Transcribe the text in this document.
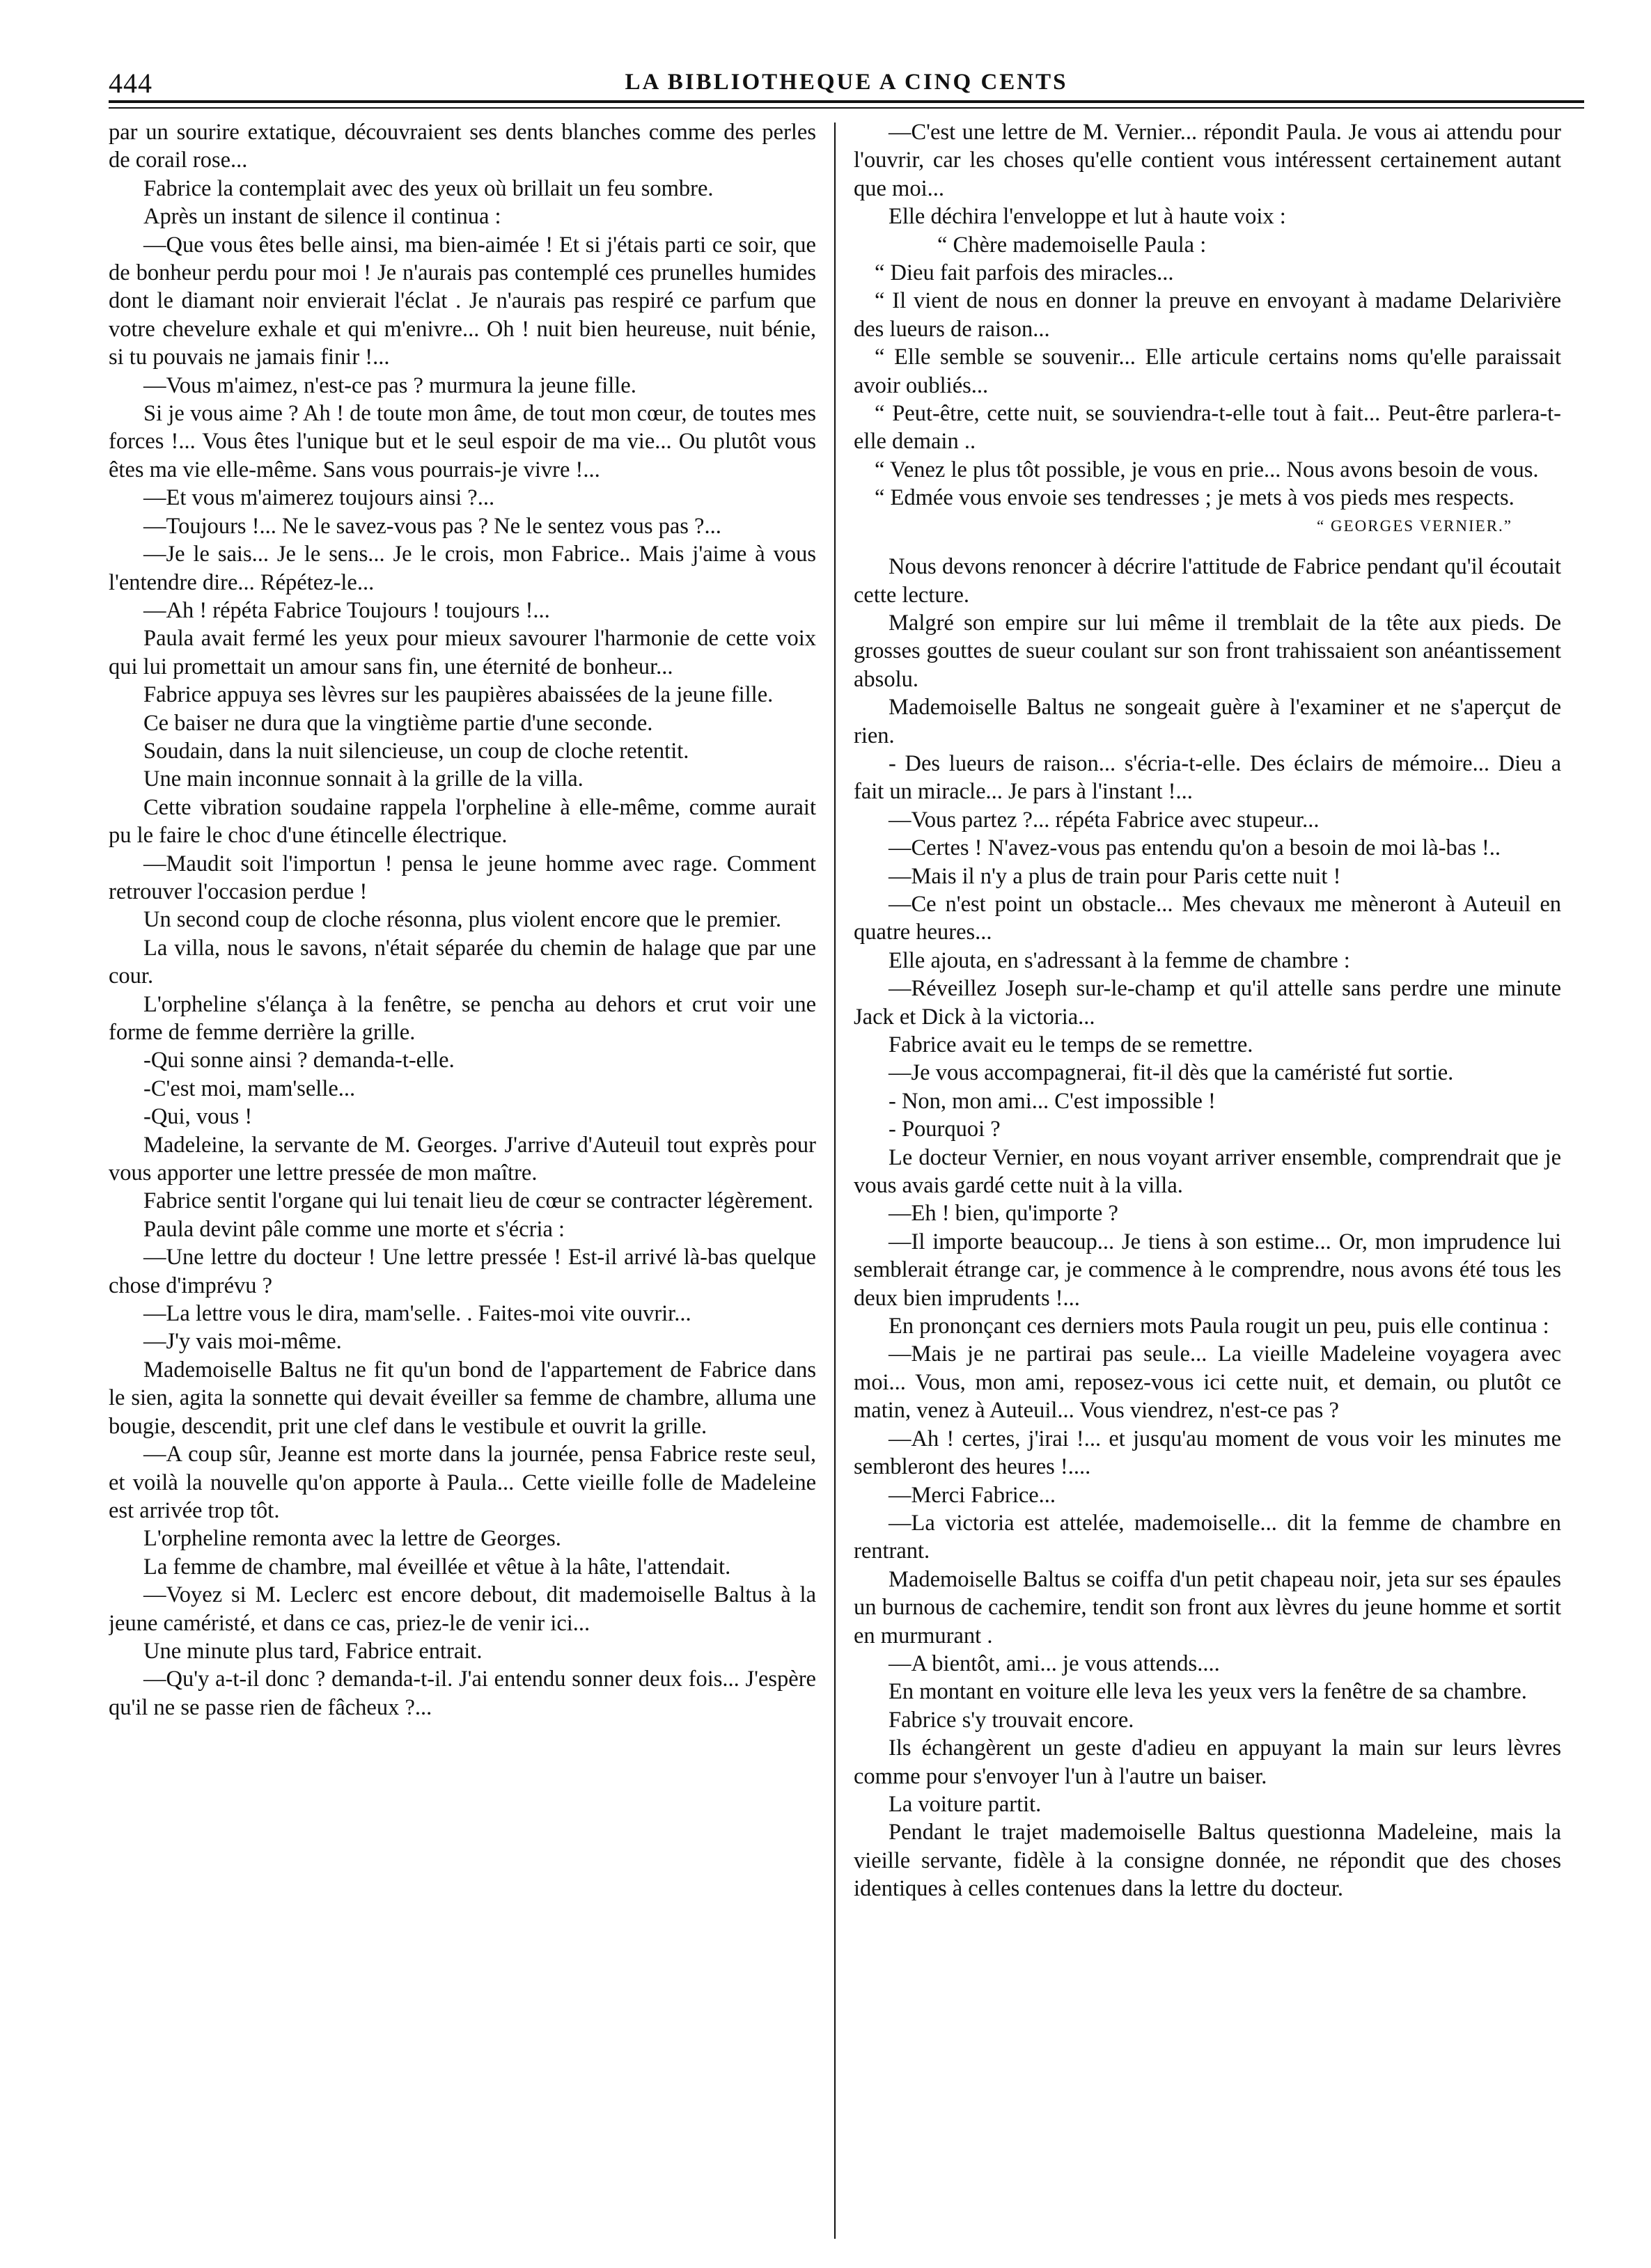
444	LA BIBLIOTHEQUE A CINQ CENTS

par un sourire extatique, découvraient ses dents blanches comme des perles de corail rose...

Fabrice la contemplait avec des yeux où brillait un feu sombre.

Après un instant de silence il continua :

—Que vous êtes belle ainsi, ma bien-aimée ! Et si j'étais parti ce soir, que de bonheur perdu pour moi ! Je n'aurais pas contemplé ces prunelles humides dont le diamant noir envierait l'éclat . Je n'aurais pas respiré ce parfum que votre chevelure exhale et qui m'enivre... Oh ! nuit bien heureuse, nuit bénie, si tu pouvais ne jamais finir !...

—Vous m'aimez, n'est-ce pas ? murmura la jeune fille.

Si je vous aime ? Ah ! de toute mon âme, de tout mon cœur, de toutes mes forces !... Vous êtes l'unique but et le seul espoir de ma vie... Ou plutôt vous êtes ma vie elle-même. Sans vous pourrais-je vivre !...

—Et vous m'aimerez toujours ainsi ?...

—Toujours !... Ne le savez-vous pas ? Ne le sentez vous pas ?...

—Je le sais... Je le sens... Je le crois, mon Fabrice.. Mais j'aime à vous l'entendre dire... Répétez-le...

—Ah ! répéta Fabrice Toujours ! toujours !...

Paula avait fermé les yeux pour mieux savourer l'harmonie de cette voix qui lui promettait un amour sans fin, une éternité de bonheur...

Fabrice appuya ses lèvres sur les paupières abaissées de la jeune fille.

Ce baiser ne dura que la vingtième partie d'une seconde.

Soudain, dans la nuit silencieuse, un coup de cloche retentit.

Une main inconnue sonnait à la grille de la villa.

Cette vibration soudaine rappela l'orpheline à elle-même, comme aurait pu le faire le choc d'une étincelle électrique.

—Maudit soit l'importun ! pensa le jeune homme avec rage. Comment retrouver l'occasion perdue !

Un second coup de cloche résonna, plus violent encore que le premier.

La villa, nous le savons, n'était séparée du chemin de halage que par une cour.

L'orpheline s'élança à la fenêtre, se pencha au dehors et crut voir une forme de femme derrière la grille.

-Qui sonne ainsi ? demanda-t-elle.

-C'est moi, mam'selle...

-Qui, vous !

Madeleine, la servante de M. Georges. J'arrive d'Auteuil tout exprès pour vous apporter une lettre pressée de mon maître.

Fabrice sentit l'organe qui lui tenait lieu de cœur se contracter légèrement.

Paula devint pâle comme une morte et s'écria :

—Une lettre du docteur ! Une lettre pressée ! Est-il arrivé là-bas quelque chose d'imprévu ?

—La lettre vous le dira, mam'selle. . Faites-moi vite ouvrir...

—J'y vais moi-même.

Mademoiselle Baltus ne fit qu'un bond de l'appartement de Fabrice dans le sien, agita la sonnette qui devait éveiller sa femme de chambre, alluma une bougie, descendit, prit une clef dans le vestibule et ouvrit la grille.

—A coup sûr, Jeanne est morte dans la journée, pensa Fabrice reste seul, et voilà la nouvelle qu'on apporte à Paula... Cette vieille folle de Madeleine est arrivée trop tôt.

L'orpheline remonta avec la lettre de Georges.

La femme de chambre, mal éveillée et vêtue à la hâte, l'attendait.

—Voyez si M. Leclerc est encore debout, dit mademoiselle Baltus à la jeune caméristé, et dans ce cas, priez-le de venir ici...

Une minute plus tard, Fabrice entrait.

—Qu'y a-t-il donc ? demanda-t-il. J'ai entendu sonner deux fois... J'espère qu'il ne se passe rien de fâcheux ?...

—C'est une lettre de M. Vernier... répondit Paula. Je vous ai attendu pour l'ouvrir, car les choses qu'elle contient vous intéressent certainement autant que moi...

Elle déchira l'enveloppe et lut à haute voix :

“ Chère mademoiselle Paula :

“ Dieu fait parfois des miracles...

“ Il vient de nous en donner la preuve en envoyant à madame Delarivière des lueurs de raison...

“ Elle semble se souvenir... Elle articule certains noms qu'elle paraissait avoir oubliés...

“ Peut-être, cette nuit, se souviendra-t-elle tout à fait... Peut-être parlera-t-elle demain ..

“ Venez le plus tôt possible, je vous en prie... Nous avons besoin de vous.

“ Edmée vous envoie ses tendresses ; je mets à vos pieds mes respects.

“ GEORGES VERNIER.”

Nous devons renoncer à décrire l'attitude de Fabrice pendant qu'il écoutait cette lecture.

Malgré son empire sur lui même il tremblait de la tête aux pieds. De grosses gouttes de sueur coulant sur son front trahissaient son anéantissement absolu.

Mademoiselle Baltus ne songeait guère à l'examiner et ne s'aperçut de rien.

- Des lueurs de raison... s'écria-t-elle. Des éclairs de mémoire... Dieu a fait un miracle... Je pars à l'instant !...

—Vous partez ?... répéta Fabrice avec stupeur...

—Certes ! N'avez-vous pas entendu qu'on a besoin de moi là-bas !..

—Mais il n'y a plus de train pour Paris cette nuit !

—Ce n'est point un obstacle... Mes chevaux me mèneront à Auteuil en quatre heures...

Elle ajouta, en s'adressant à la femme de chambre :

—Réveillez Joseph sur-le-champ et qu'il attelle sans perdre une minute Jack et Dick à la victoria...

Fabrice avait eu le temps de se remettre.

—Je vous accompagnerai, fit-il dès que la caméristé fut sortie.

- Non, mon ami... C'est impossible !

- Pourquoi ?

Le docteur Vernier, en nous voyant arriver ensemble, comprendrait que je vous avais gardé cette nuit à la villa.

—Eh ! bien, qu'importe ?

—Il importe beaucoup... Je tiens à son estime... Or, mon imprudence lui semblerait étrange car, je commence à le comprendre, nous avons été tous les deux bien imprudents !...

En prononçant ces derniers mots Paula rougit un peu, puis elle continua :

—Mais je ne partirai pas seule... La vieille Madeleine voyagera avec moi... Vous, mon ami, reposez-vous ici cette nuit, et demain, ou plutôt ce matin, venez à Auteuil... Vous viendrez, n'est-ce pas ?

—Ah ! certes, j'irai !... et jusqu'au moment de vous voir les minutes me sembleront des heures !....

—Merci Fabrice...

—La victoria est attelée, mademoiselle... dit la femme de chambre en rentrant.

Mademoiselle Baltus se coiffa d'un petit chapeau noir, jeta sur ses épaules un burnous de cachemire, tendit son front aux lèvres du jeune homme et sortit en murmurant .

—A bientôt, ami... je vous attends....

En montant en voiture elle leva les yeux vers la fenêtre de sa chambre.

Fabrice s'y trouvait encore.

Ils échangèrent un geste d'adieu en appuyant la main sur leurs lèvres comme pour s'envoyer l'un à l'autre un baiser.

La voiture partit.

Pendant le trajet mademoiselle Baltus questionna Madeleine, mais la vieille servante, fidèle à la consigne donnée, ne répondit que des choses identiques à celles contenues dans la lettre du docteur.
